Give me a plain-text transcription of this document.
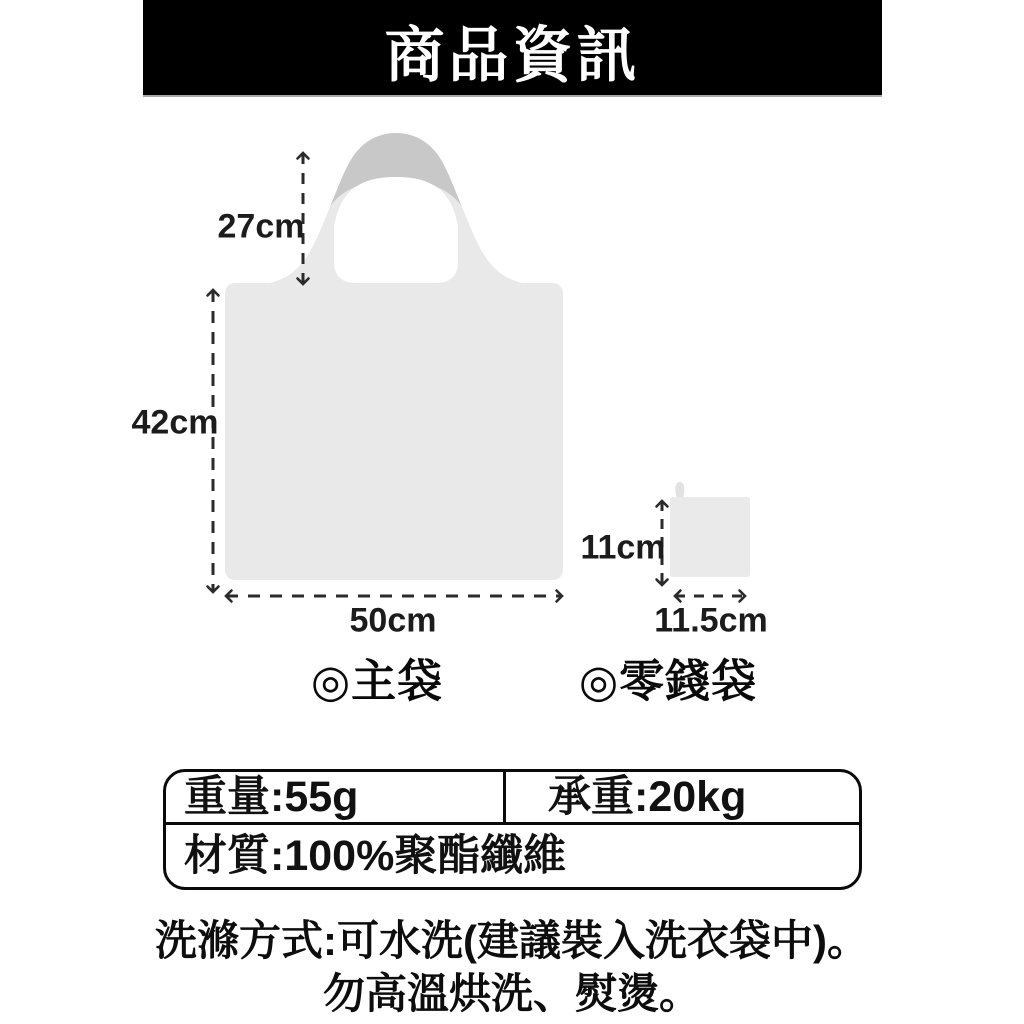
商品資訊
27cm
42cm
50cm
11cm
11.5cm
◎主袋	◎零錢袋
重量:55g	承重:20kg
材質:100%聚酯纖維
洗滌方式:可水洗(建議裝入洗衣袋中)。
勿高溫烘洗、熨燙。
